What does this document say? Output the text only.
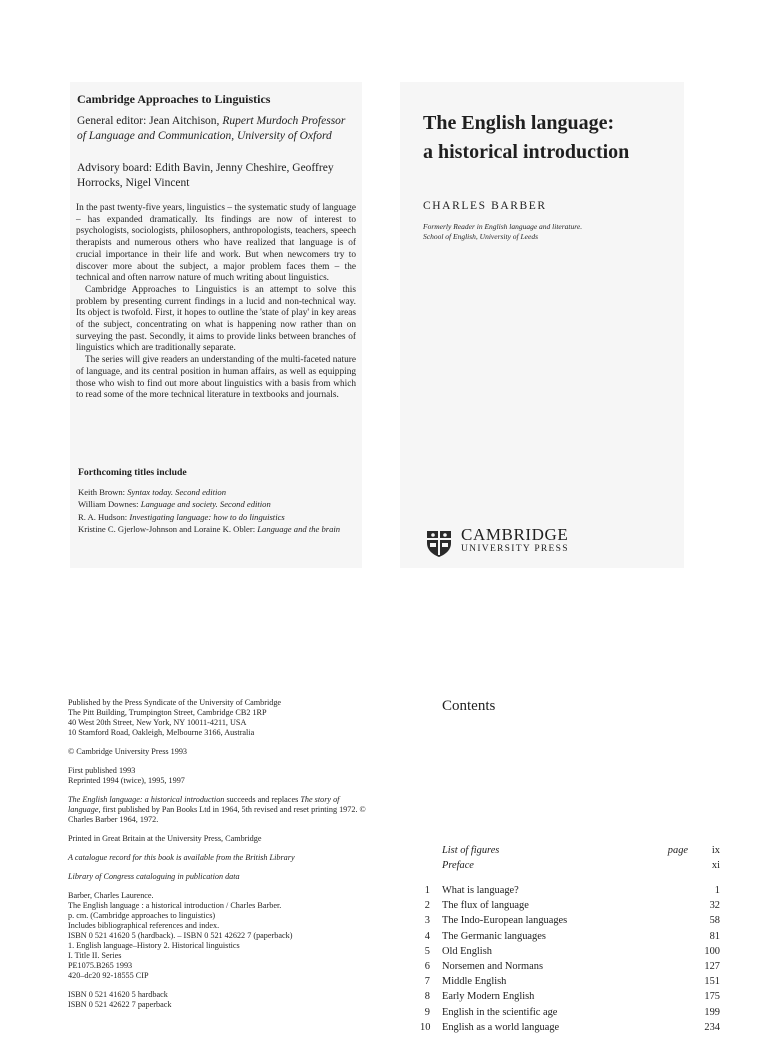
Cambridge Approaches to Linguistics
General editor: Jean Aitchison, Rupert Murdoch Professor of Language and Communication, University of Oxford
Advisory board: Edith Bavin, Jenny Cheshire, Geoffrey Horrocks, Nigel Vincent

In the past twenty-five years, linguistics – the systematic study of language – has expanded dramatically. Its findings are now of interest to psychologists, sociologists, philosophers, anthropologists, teachers, speech therapists and numerous others who have realized that language is of crucial importance in their life and work. But when newcomers try to discover more about the subject, a major problem faces them – the technical and often narrow nature of much writing about linguistics.

Cambridge Approaches to Linguistics is an attempt to solve this problem by presenting current findings in a lucid and non-technical way. Its object is twofold. First, it hopes to outline the 'state of play' in key areas of the subject, concentrating on what is happening now rather than on surveying the past. Secondly, it aims to provide links between branches of linguistics which are traditionally separate.

The series will give readers an understanding of the multi-faceted nature of language, and its central position in human affairs, as well as equipping those who wish to find out more about linguistics with a basis from which to read some of the more technical literature in textbooks and journals.

Forthcoming titles include
Keith Brown: Syntax today. Second edition
William Downes: Language and society. Second edition
R. A. Hudson: Investigating language: how to do linguistics
Kristine C. Gjerlow-Johnson and Loraine K. Obler: Language and the brain
The English language:
a historical introduction
CHARLES BARBER
Formerly Reader in English language and literature.
School of English, University of Leeds
CAMBRIDGE
UNIVERSITY PRESS
Published by the Press Syndicate of the University of Cambridge
The Pitt Building, Trumpington Street, Cambridge CB2 1RP
40 West 20th Street, New York, NY 10011-4211, USA
10 Stamford Road, Oakleigh, Melbourne 3166, Australia
© Cambridge University Press 1993
First published 1993
Reprinted 1994 (twice), 1995, 1997
The English language: a historical introduction succeeds and replaces The story of language, first published by Pan Books Ltd in 1964, 5th revised and reset printing 1972. © Charles Barber 1964, 1972.
Printed in Great Britain at the University Press, Cambridge
A catalogue record for this book is available from the British Library
Library of Congress cataloguing in publication data
Barber, Charles Laurence.
The English language : a historical introduction / Charles Barber.
p. cm. (Cambridge approaches to linguistics)
Includes bibliographical references and index.
ISBN 0 521 41620 5 (hardback). – ISBN 0 521 42622 7 (paperback)
1. English language–History 2. Historical linguistics
I. Title II. Series
PE1075.B265 1993
420–dc20 92-18555 CIP
ISBN 0 521 41620 5 hardback
ISBN 0 521 42622 7 paperback
Contents
List of figures	page ix
Preface	xi
1 What is language?	1
2 The flux of language	32
3 The Indo-European languages	58
4 The Germanic languages	81
5 Old English	100
6 Norsemen and Normans	127
7 Middle English	151
8 Early Modern English	175
9 English in the scientific age	199
10 English as a world language	234
